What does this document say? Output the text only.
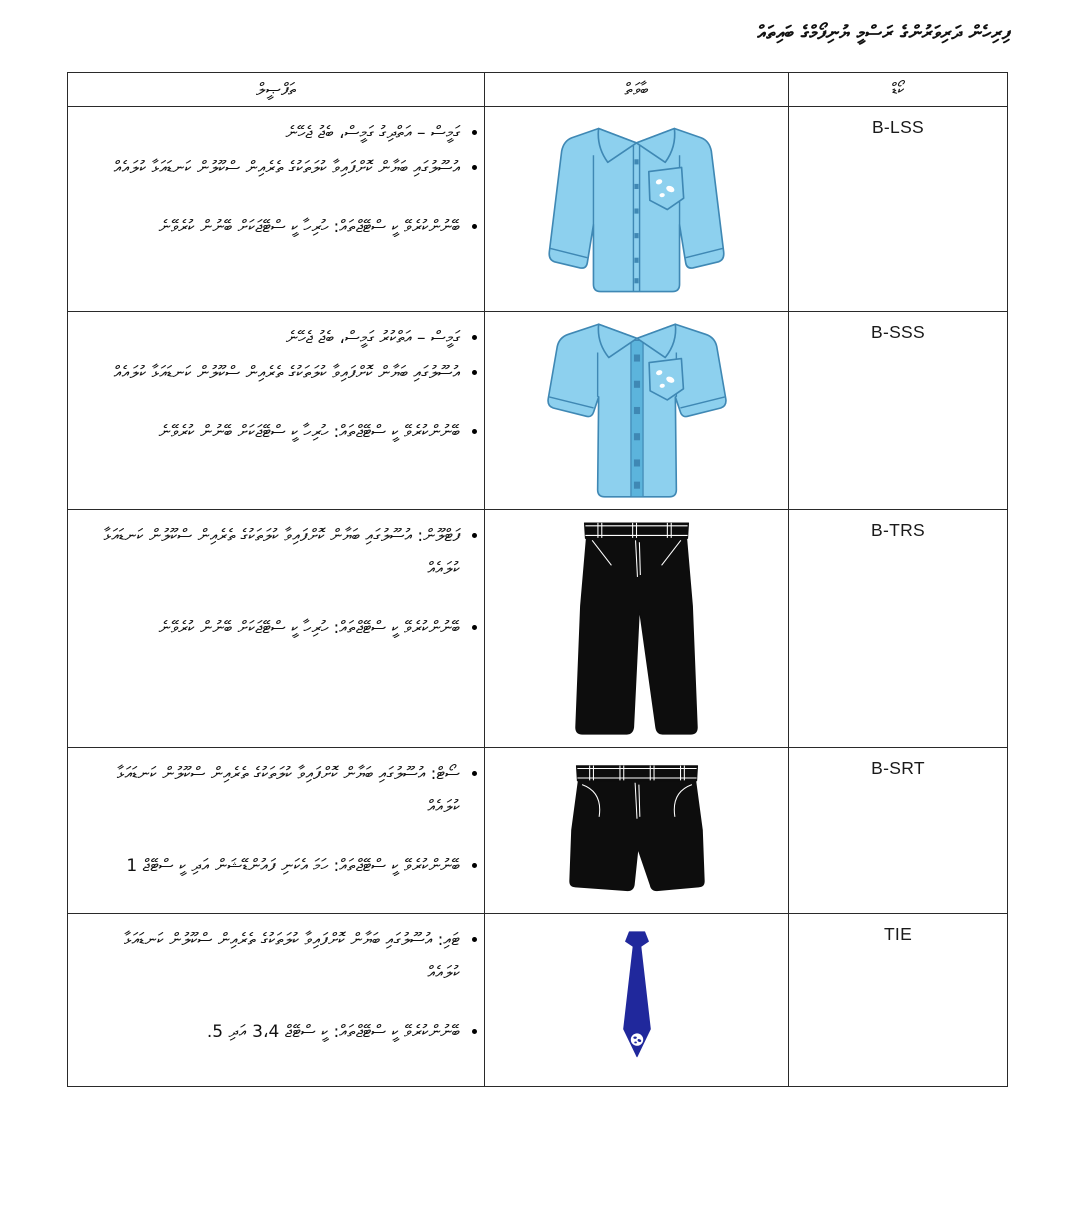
ފިރިހެން ދަރިވަރުންގެ ރަސްމީ ޔުނިފޯމްގެ ބައިތައް
ތަފްޞީލް	ބާވަތް	ކޯޑް
• ގަމީސް – އަތްދިގު ގަމީސް، ބެޖު ޖެހޭނެ
• އުސޫލުގައި ބަޔާން ކޮށްފައިވާ ކުލަތަކުގެ ތެރެއިން ސްކޫލުން ކަނޑައަޅާ ކުލައެއް
• ބޭނުންކުރެވޭ ކީ ސްޓޭޖްތައް: ހުރިހާ ކީ ސްޓޭޖަކަށް ބޭނުން ކުރެވޭނެ
B-LSS
• ގަމީސް – އަތްކުރު ގަމީސް، ބެޖު ޖެހޭނެ
• އުސޫލުގައި ބަޔާން ކޮށްފައިވާ ކުލަތަކުގެ ތެރެއިން ސްކޫލުން ކަނޑައަޅާ ކުލައެއް
• ބޭނުންކުރެވޭ ކީ ސްޓޭޖްތައް: ހުރިހާ ކީ ސްޓޭޖަކަށް ބޭނުން ކުރެވޭނެ
B-SSS
• ފަޓްލޫން: އުސޫލުގައި ބަޔާން ކޮށްފައިވާ ކުލަތަކުގެ ތެރެއިން ސްކޫލުން ކަނޑައަޅާ ކުލައެއް
• ބޭނުންކުރެވޭ ކީ ސްޓޭޖްތައް: ހުރިހާ ކީ ސްޓޭޖަކަށް ބޭނުން ކުރެވޭނެ
B-TRS
• ސޯޓް: އުސޫލުގައި ބަޔާން ކޮށްފައިވާ ކުލަތަކުގެ ތެރެއިން ސްކޫލުން ކަނޑައަޅާ ކުލައެއް
• ބޭނުންކުރެވޭ ކީ ސްޓޭޖްތައް: ހަމަ އެކަނި ފައުންޑޭޝަން އަދި ކީ ސްޓޭޖް 1
B-SRT
• ޓައި: އުސޫލުގައި ބަޔާން ކޮށްފައިވާ ކުލަތަކުގެ ތެރެއިން ސްކޫލުން ކަނޑައަޅާ ކުލައެއް
• ބޭނުންކުރެވޭ ކީ ސްޓޭޖްތައް: ކީ ސްޓޭޖް 3،4 އަދި 5.
TIE
